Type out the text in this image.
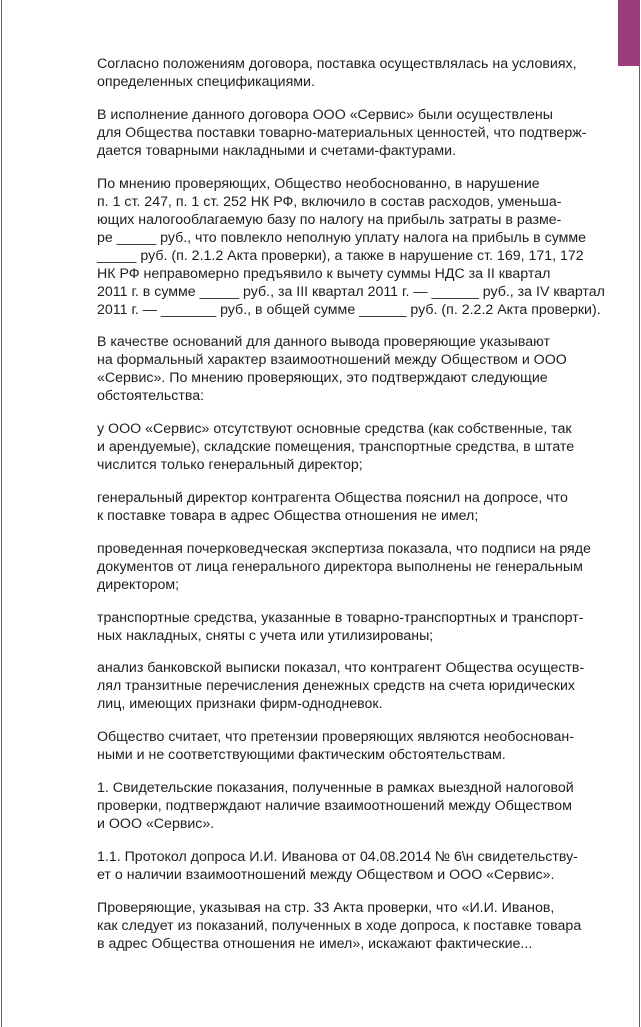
Согласно положениям договора, поставка осуществлялась на условиях,
определенных спецификациями.

В исполнение данного договора ООО «Сервис» были осуществлены
для Общества поставки товарно-материальных ценностей, что подтверж-
дается товарными накладными и счетами-фактурами.

По мнению проверяющих, Общество необоснованно, в нарушение
п. 1 ст. 247, п. 1 ст. 252 НК РФ, включило в состав расходов, уменьша-
ющих налогооблагаемую базу по налогу на прибыль затраты в разме-
ре _____ руб., что повлекло неполную уплату налога на прибыль в сумме
_____ руб. (п. 2.1.2 Акта проверки), а также в нарушение ст. 169, 171, 172
НК РФ неправомерно предъявило к вычету суммы НДС за II квартал
2011 г. в сумме _____ руб., за III квартал 2011 г. — ______ руб., за IV квартал
2011 г. — _______ руб., в общей сумме ______ руб. (п. 2.2.2 Акта проверки).

В качестве оснований для данного вывода проверяющие указывают
на формальный характер взаимоотношений между Обществом и ООО
«Сервис». По мнению проверяющих, это подтверждают следующие
обстоятельства:

у ООО «Сервис» отсутствуют основные средства (как собственные, так
и арендуемые), складские помещения, транспортные средства, в штате
числится только генеральный директор;

генеральный директор контрагента Общества пояснил на допросе, что
к поставке товара в адрес Общества отношения не имел;

проведенная почерковедческая экспертиза показала, что подписи на ряде
документов от лица генерального директора выполнены не генеральным
директором;

транспортные средства, указанные в товарно-транспортных и транспорт-
ных накладных, сняты с учета или утилизированы;

анализ банковской выписки показал, что контрагент Общества осуществ-
лял транзитные перечисления денежных средств на счета юридических
лиц, имеющих признаки фирм-однодневок.

Общество считает, что претензии проверяющих являются необоснован-
ными и не соответствующими фактическим обстоятельствам.

1. Свидетельские показания, полученные в рамках выездной налоговой
проверки, подтверждают наличие взаимоотношений между Обществом
и ООО «Сервис».

1.1. Протокол допроса И.И. Иванова от 04.08.2014 № 6\н свидетельству-
ет о наличии взаимоотношений между Обществом и ООО «Сервис».

Проверяющие, указывая на стр. 33 Акта проверки, что «И.И. Иванов,
как следует из показаний, полученных в ходе допроса, к поставке товара
в адрес Общества отношения не имел», искажают фактические...
